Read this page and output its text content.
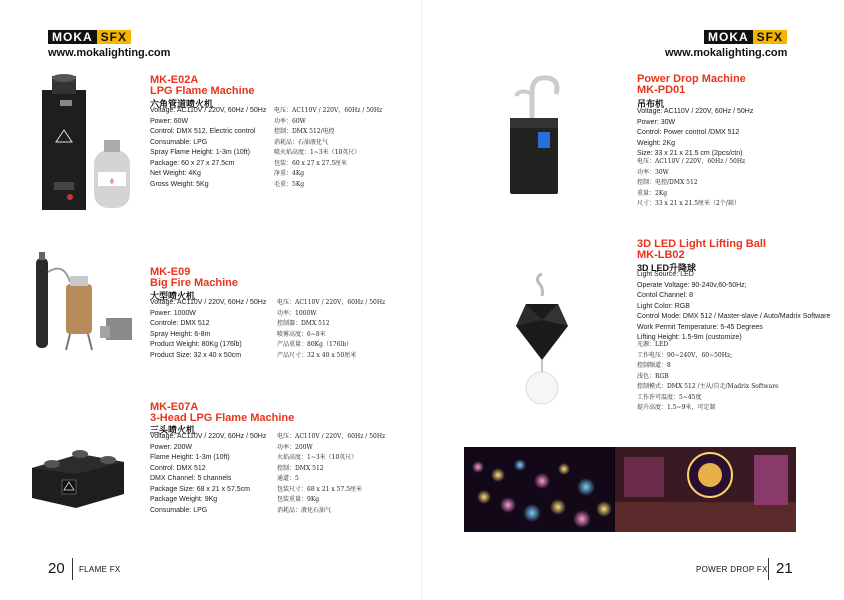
MOKA SFX
www.mokalighting.com
ɸ
MK-E02A
LPG Flame Machine
六角管道喷火机
Voltage: AC110V / 220V, 60Hz / 50Hz
Power: 60W
Control: DMX 512, Electric control
Consumable: LPG
Spray Flame Height: 1-3m (10ft)
Package: 60 x 27 x 27.5cm
Net Weight: 4Kg
Gross Weight: 5Kg
电压：AC110V / 220V，60Hz / 50Hz
功率：60W
控制：DMX 512/电控
消耗品：石油液化气
喷火焰高度：1~3米（10英尺）
包装：60 x 27 x 27.5厘米
净重：4Kg
毛重：5Kg
MK-E09
Big Fire Machine
大型喷火机
Voltage: AC110V / 220V, 60Hz / 50Hz
Power: 1000W
Controle: DMX 512
Spray Height: 6-8m
Product Weight: 80Kg (176lb)
Product Size: 32 x 40 x 50cm
电压：AC110V / 220V，60Hz / 50Hz
功率：1000W
控制器：DMX 512
喷雾高度：6~8米
产品重量：80Kg（176lb）
产品尺寸：32 x 40 x 50厘米
MK-E07A
3-Head LPG Flame Machine
三头喷火机
Voltage: AC110V / 220V, 60Hz / 50Hz
Power: 200W
Flame Height: 1-3m (10ft)
Control: DMX 512
DMX Channel: 5 channels
Package Size: 68 x 21 x 57.5cm
Package Weight: 9Kg
Consumable: LPG
电压：AC110V / 220V，60Hz / 50Hz
功率：200W
火焰高度：1~3米（10英尺）
控制：DMX 512
通道：5
包装尺寸：68 x 21 x 57.5厘米
包装重量：9Kg
消耗品：液化石油气
20 FLAME FX
MOKA SFX
www.mokalighting.com
Power Drop Machine
MK-PD01
吊布机
Voltage: AC110V / 220V, 60Hz / 50Hz
Power: 30W
Control: Power control /DMX 512
Weight: 2Kg
Size: 33 x 21 x 21.5 cm (2pcs/ctn)
电压：AC110V / 220V，60Hz / 50Hz
功率：30W
控制：电控/DMX 512
重量：2Kg
尺寸：33 x 21 x 21.5厘米（2个/箱）
3D LED Light Lifting Ball
MK-LB02
3D LED升降球
Light Source: LED
Operate Voltage: 90-240v,60-50Hz;
Contol Channel: 8
Light Color: RGB
Control Mode: DMX 512 / Master-slave / Auto/Madrix Software
Work Permit Temperature: 5-45 Degrees
Lifting Height: 1.5-9m (customize)
光源：LED
工作电压：90~240V，60~50Hz;
控制频道：8
浅色：RGB
控制模式：DMX 512 /主从/自走/Madrix Software
工作许可温度：5~45度
提升高度：1.5~9米，可定制
POWER DROP FX 21
